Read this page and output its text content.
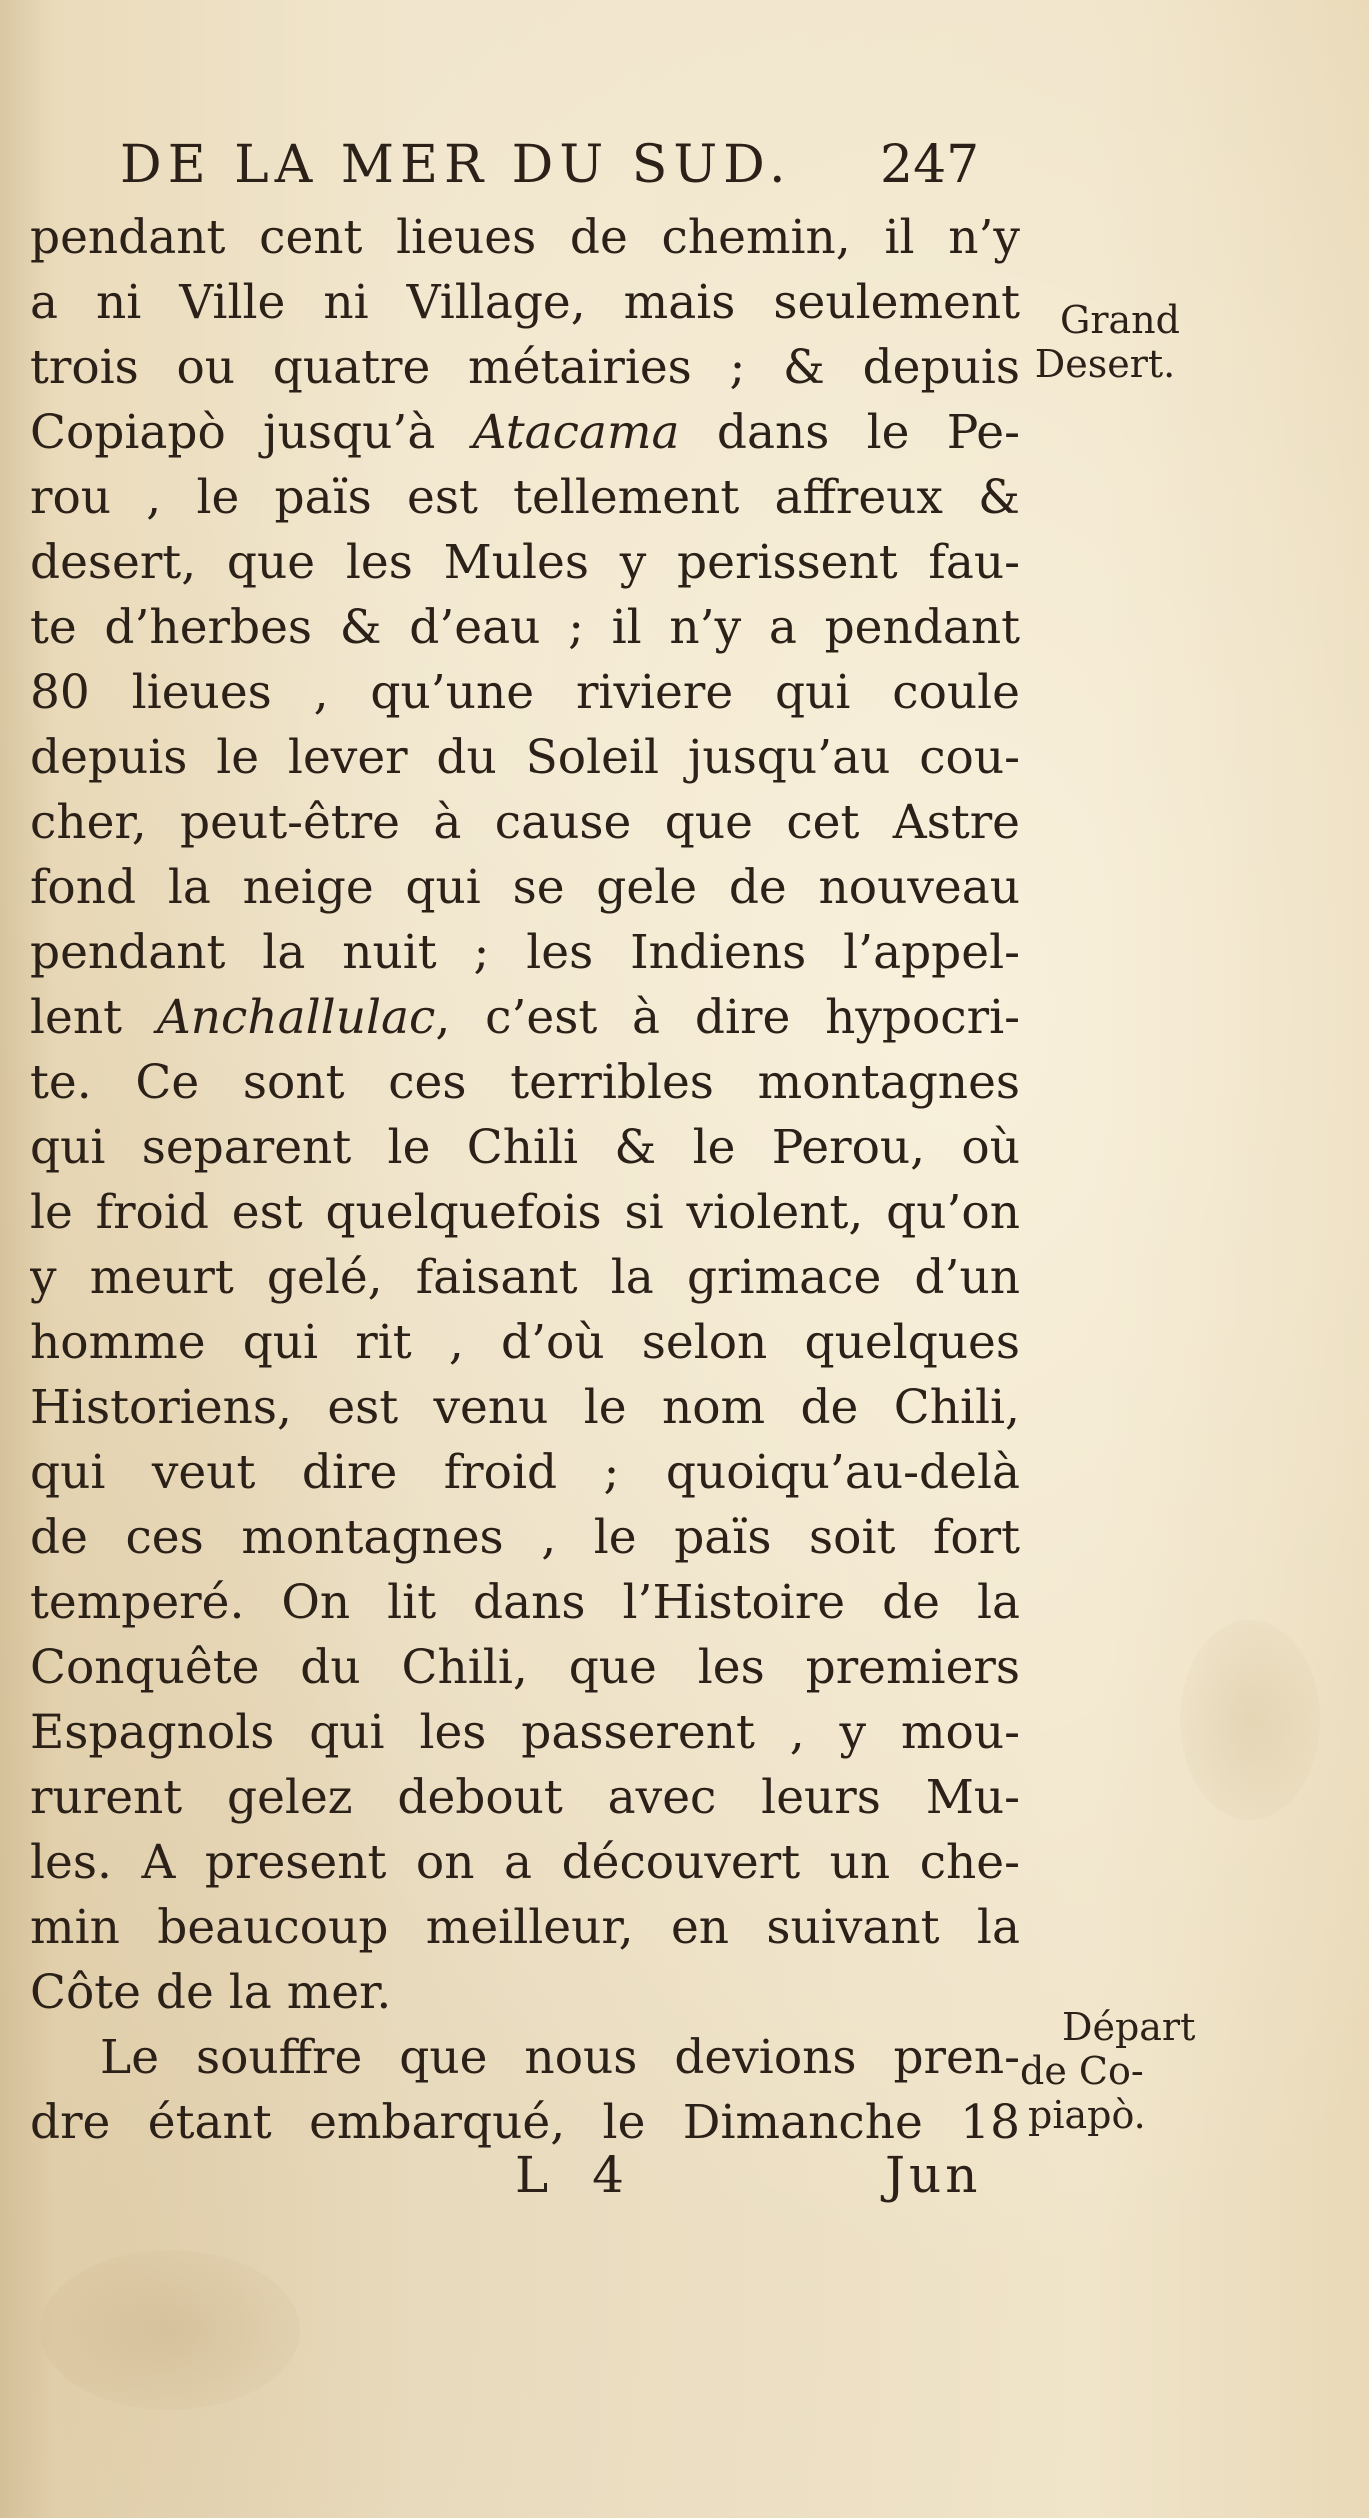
DE LA MER DU SUD. 247
pendant cent lieues de chemin, il n’y
a ni Ville ni Village, mais seulement
trois ou quatre métairies ; & depuis
Copiapò jusqu’à Atacama dans le Pe-
rou , le païs est tellement affreux &
desert, que les Mules y perissent fau-
te d’herbes & d’eau ; il n’y a pendant
80 lieues , qu’une riviere qui coule
depuis le lever du Soleil jusqu’au cou-
cher, peut-être à cause que cet Astre
fond la neige qui se gele de nouveau
pendant la nuit ; les Indiens l’appel-
lent Anchallulac, c’est à dire hypocri-
te. Ce sont ces terribles montagnes
qui separent le Chili & le Perou, où
le froid est quelquefois si violent, qu’on
y meurt gelé, faisant la grimace d’un
homme qui rit , d’où selon quelques
Historiens, est venu le nom de Chili,
qui veut dire froid ; quoiqu’au-delà
de ces montagnes , le païs soit fort
temperé. On lit dans l’Histoire de la
Conquête du Chili, que les premiers
Espagnols qui les passerent , y mou-
rurent gelez debout avec leurs Mu-
les. A present on a découvert un che-
min beaucoup meilleur, en suivant la
Côte de la mer.
Le souffre que nous devions pren-
dre étant embarqué, le Dimanche 18
Grand
Desert.
Départ
de Co-
piapò.
L 4	Jun
